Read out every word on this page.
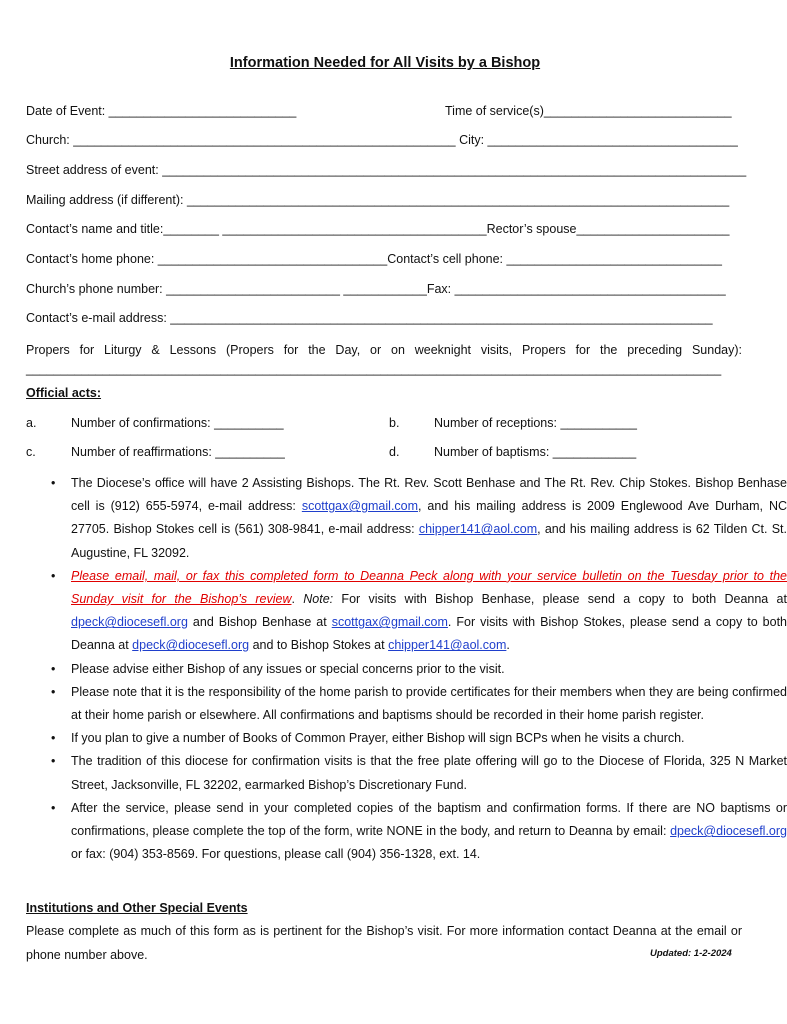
Information Needed for All Visits by a Bishop
Date of Event: ___________________________	Time of service(s)___________________________
Church: _______________________________________________________ City: ____________________________________
Street address of event: ____________________________________________________________________________________
Mailing address (if different): ______________________________________________________________________________
Contact’s name and title:________ ______________________________________Rector’s spouse______________________
Contact’s home phone: _________________________________Contact’s cell phone: _______________________________
Church’s phone number: _________________________ ____________Fax: _______________________________________
Contact’s e-mail address: ______________________________________________________________________________
Propers for Liturgy & Lessons (Propers for the Day, or on weeknight visits, Propers for the preceding Sunday): ____________________________________________________________________________________________________
Official acts:
a.	Number of confirmations: __________	b.	Number of receptions: ___________
c.	Number of reaffirmations: __________	d.	Number of baptisms: ____________
• The Diocese’s office will have 2 Assisting Bishops. The Rt. Rev. Scott Benhase and The Rt. Rev. Chip Stokes. Bishop Benhase cell is (912) 655-5974, e-mail address: scottgax@gmail.com, and his mailing address is 2009 Englewood Ave Durham, NC 27705. Bishop Stokes cell is (561) 308-9841, e-mail address: chipper141@aol.com, and his mailing address is 62 Tilden Ct. St. Augustine, FL 32092.
• Please email, mail, or fax this completed form to Deanna Peck along with your service bulletin on the Tuesday prior to the Sunday visit for the Bishop’s review. Note: For visits with Bishop Benhase, please send a copy to both Deanna at dpeck@diocesefl.org and Bishop Benhase at scottgax@gmail.com. For visits with Bishop Stokes, please send a copy to both Deanna at dpeck@diocesefl.org and to Bishop Stokes at chipper141@aol.com.
• Please advise either Bishop of any issues or special concerns prior to the visit.
• Please note that it is the responsibility of the home parish to provide certificates for their members when they are being confirmed at their home parish or elsewhere. All confirmations and baptisms should be recorded in their home parish register.
• If you plan to give a number of Books of Common Prayer, either Bishop will sign BCPs when he visits a church.
• The tradition of this diocese for confirmation visits is that the free plate offering will go to the Diocese of Florida, 325 N Market Street, Jacksonville, FL 32202, earmarked Bishop’s Discretionary Fund.
• After the service, please send in your completed copies of the baptism and confirmation forms. If there are NO baptisms or confirmations, please complete the top of the form, write NONE in the body, and return to Deanna by email: dpeck@diocesefl.org or fax: (904) 353-8569. For questions, please call (904) 356-1328, ext. 14.
Institutions and Other Special Events
Please complete as much of this form as is pertinent for the Bishop’s visit. For more information contact Deanna at the email or phone number above.	Updated: 1-2-2024
